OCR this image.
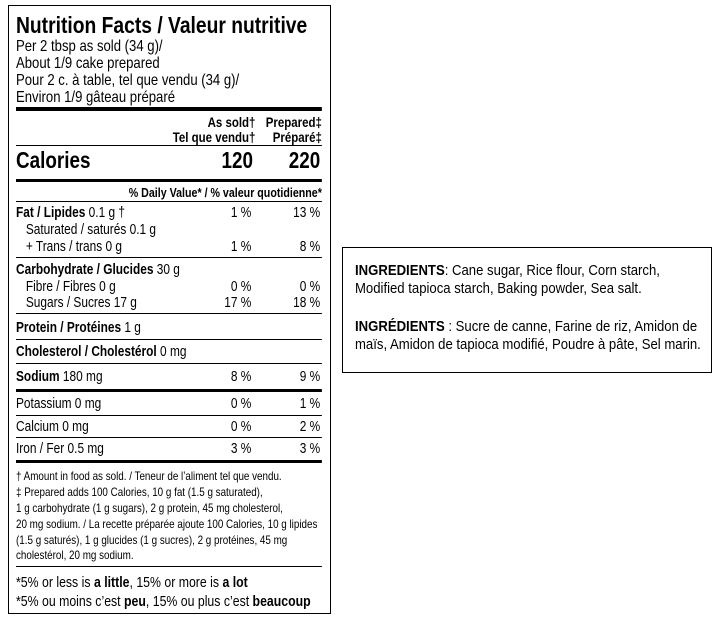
Nutrition Facts / Valeur nutritive
Per 2 tbsp as sold (34 g)/
About 1/9 cake prepared
Pour 2 c. à table, tel que vendu (34 g)/
Environ 1/9 gâteau préparé
As sold† Prepared‡
Tel que vendu† Préparé‡
Calories	120 220
% Daily Value* / % valeur quotidienne*
Fat / Lipides 0.1 g †	1 %	13 %
Saturated / saturés 0.1 g
+ Trans / trans 0 g	1 %	8 %
Carbohydrate / Glucides 30 g
Fibre / Fibres 0 g	0 %	0 %
Sugars / Sucres 17 g	17 %	18 %
Protein / Protéines 1 g
Cholesterol / Cholestérol 0 mg
Sodium 180 mg	8 %	9 %
Potassium 0 mg	0 %	1 %
Calcium 0 mg	0 %	2 %
Iron / Fer 0.5 mg	3 %	3 %
† Amount in food as sold. / Teneur de l’aliment tel que vendu.
‡ Prepared adds 100 Calories, 10 g fat (1.5 g saturated),
1 g carbohydrate (1 g sugars), 2 g protein, 45 mg cholesterol,
20 mg sodium. / La recette préparée ajoute 100 Calories, 10 g lipides
(1.5 g saturés), 1 g glucides (1 g sucres), 2 g protéines, 45 mg
cholestérol, 20 mg sodium.
*5% or less is a little, 15% or more is a lot
*5% ou moins c’est peu, 15% ou plus c’est beaucoup
INGREDIENTS: Cane sugar, Rice flour, Corn starch,
Modified tapioca starch, Baking powder, Sea salt.
INGRÉDIENTS : Sucre de canne, Farine de riz, Amidon de
maïs, Amidon de tapioca modifié, Poudre à pâte, Sel marin.
